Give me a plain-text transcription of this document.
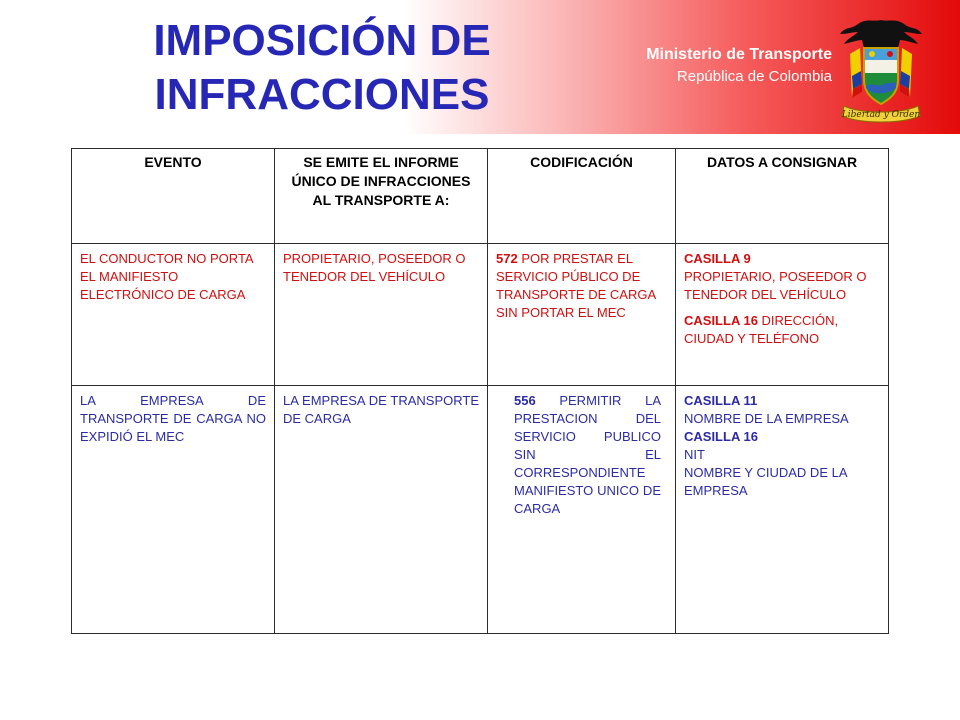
IMPOSICIÓN DE
INFRACCIONES
Ministerio de Transporte
República de Colombia
Libertad y Orden
EVENTO	SE EMITE EL INFORME ÚNICO DE INFRACCIONES AL TRANSPORTE A:	CODIFICACIÓN	DATOS A CONSIGNAR
EL CONDUCTOR NO PORTA EL MANIFIESTO ELECTRÓNICO DE CARGA	PROPIETARIO, POSEEDOR O TENEDOR DEL VEHÍCULO	572 POR PRESTAR EL SERVICIO PÚBLICO DE TRANSPORTE DE CARGA SIN PORTAR EL MEC	CASILLA 9
PROPIETARIO, POSEEDOR O TENEDOR DEL VEHÍCULO
CASILLA 16 DIRECCIÓN, CIUDAD Y TELÉFONO

LA EMPRESA DE TRANSPORTE DE CARGA NO EXPIDIÓ EL MEC	LA EMPRESA DE TRANSPORTE DE CARGA	556 PERMITIR LA PRESTACION DEL SERVICIO PUBLICO SIN EL CORRESPONDIENTE MANIFIESTO UNICO DE CARGA	CASILLA 11
NOMBRE DE LA EMPRESA
CASILLA 16
NIT
NOMBRE Y CIUDAD DE LA EMPRESA
